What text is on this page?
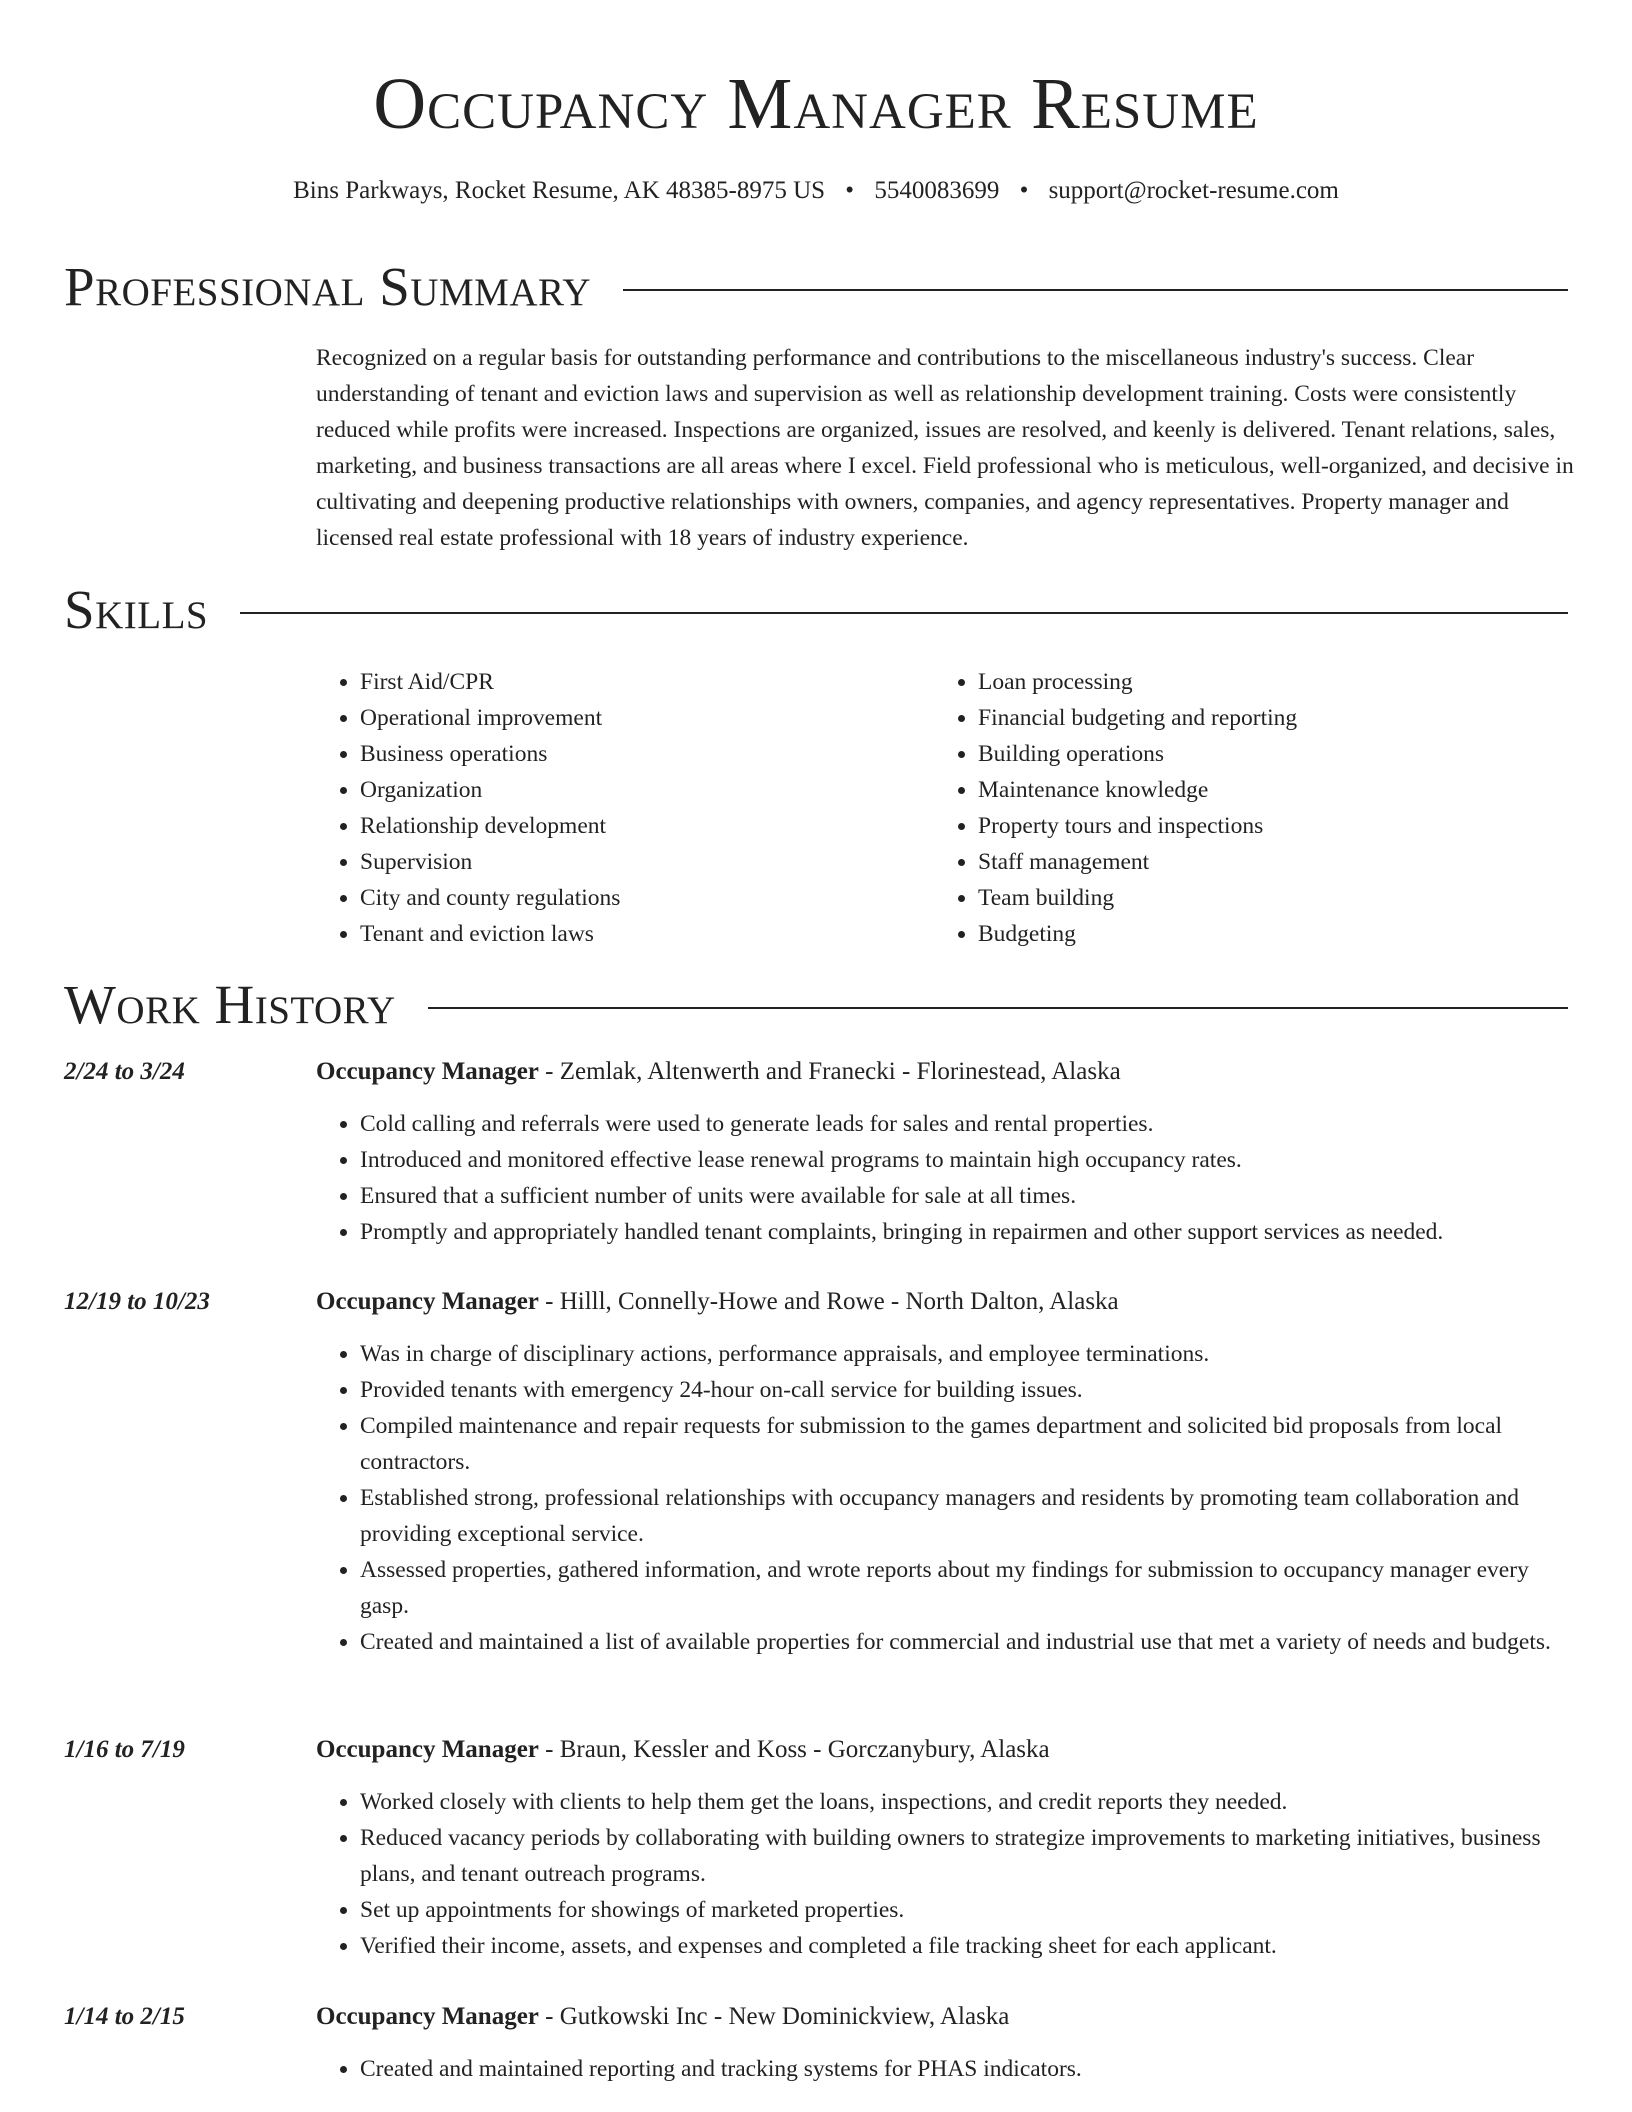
Occupancy Manager Resume
Bins Parkways, Rocket Resume, AK 48385-8975 US • 5540083699 • support@rocket-resume.com
Professional Summary

Recognized on a regular basis for outstanding performance and contributions to the miscellaneous industry's success. Clear understanding of tenant and eviction laws and supervision as well as relationship development training. Costs were consistently reduced while profits were increased. Inspections are organized, issues are resolved, and keenly is delivered. Tenant relations, sales, marketing, and business transactions are all areas where I excel. Field professional who is meticulous, well-organized, and decisive in cultivating and deepening productive relationships with owners, companies, and agency representatives. Property manager and licensed real estate professional with 18 years of industry experience.

Skills
• First Aid/CPR
• Operational improvement
• Business operations
• Organization
• Relationship development
• Supervision
• City and county regulations
• Tenant and eviction laws
• Loan processing
• Financial budgeting and reporting
• Building operations
• Maintenance knowledge
• Property tours and inspections
• Staff management
• Team building
• Budgeting
Work History
2/24 to 3/24	Occupancy Manager - Zemlak, Altenwerth and Franecki - Florinestead, Alaska
• Cold calling and referrals were used to generate leads for sales and rental properties.
• Introduced and monitored effective lease renewal programs to maintain high occupancy rates.
• Ensured that a sufficient number of units were available for sale at all times.
• Promptly and appropriately handled tenant complaints, bringing in repairmen and other support services as needed.
12/19 to 10/23	Occupancy Manager - Hilll, Connelly-Howe and Rowe - North Dalton, Alaska
• Was in charge of disciplinary actions, performance appraisals, and employee terminations.
• Provided tenants with emergency 24-hour on-call service for building issues.
• Compiled maintenance and repair requests for submission to the games department and solicited bid proposals from local contractors.
• Established strong, professional relationships with occupancy managers and residents by promoting team collaboration and providing exceptional service.
• Assessed properties, gathered information, and wrote reports about my findings for submission to occupancy manager every gasp.
• Created and maintained a list of available properties for commercial and industrial use that met a variety of needs and budgets.
1/16 to 7/19	Occupancy Manager - Braun, Kessler and Koss - Gorczanybury, Alaska
• Worked closely with clients to help them get the loans, inspections, and credit reports they needed.
• Reduced vacancy periods by collaborating with building owners to strategize improvements to marketing initiatives, business plans, and tenant outreach programs.
• Set up appointments for showings of marketed properties.
• Verified their income, assets, and expenses and completed a file tracking sheet for each applicant.
1/14 to 2/15	Occupancy Manager - Gutkowski Inc - New Dominickview, Alaska
• Created and maintained reporting and tracking systems for PHAS indicators.
